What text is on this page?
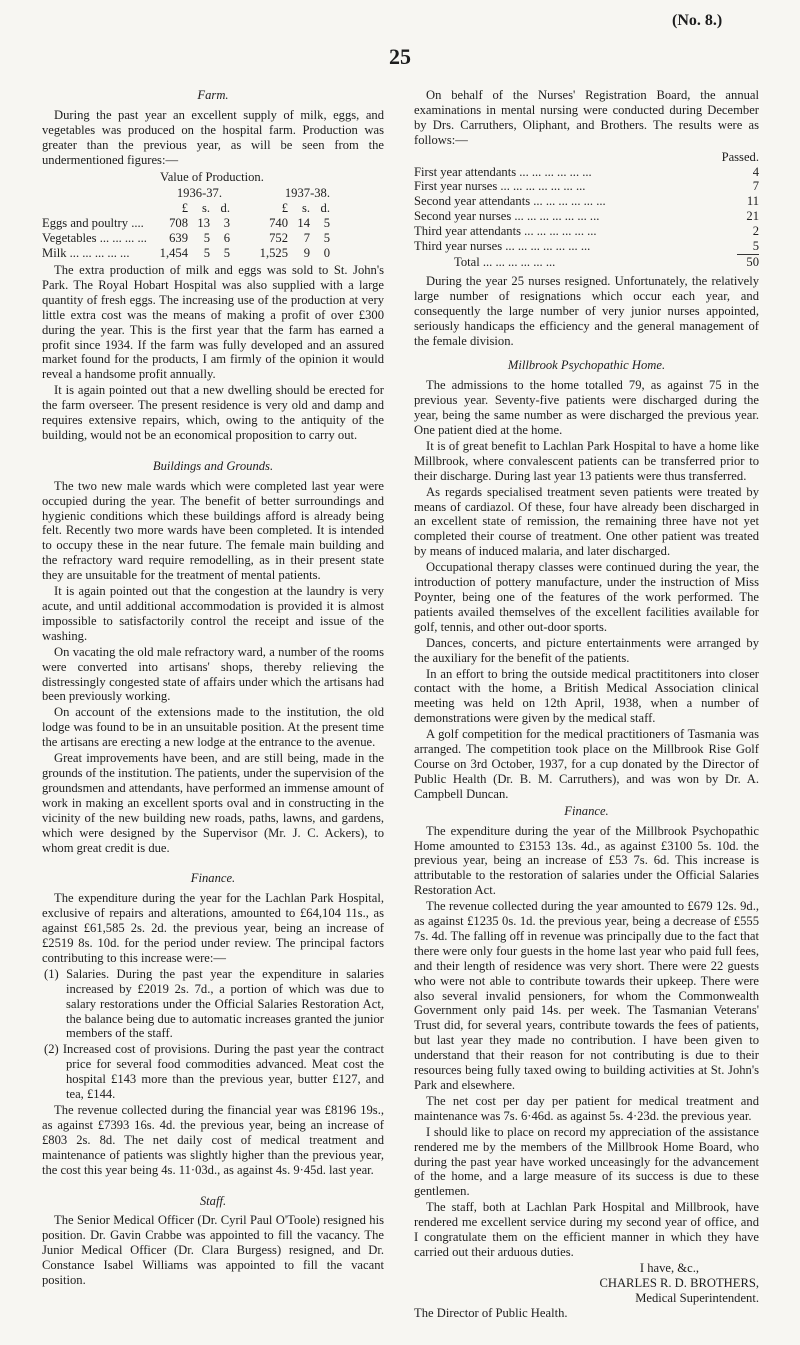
(No. 8.)
25
Farm.

During the past year an excellent supply of milk, eggs, and vegetables was produced on the hospital farm. Production was greater than the previous year, as will be seen from the undermentioned figures:—

Value of Production.
	1936-37.			1937-38.		
	£	s.	d.	£	s.	d.
Eggs and poultry ....	708	13	3	740	14	5
Vegetables ... ... ... ...	639	5	6	752	7	5
Milk ... ... ... ... ...	1,454	5	5	1,525	9	0

The extra production of milk and eggs was sold to St. John's Park. The Royal Hobart Hospital was also supplied with a large quantity of fresh eggs. The increasing use of the production at very little extra cost was the means of making a profit of over £300 during the year. This is the first year that the farm has earned a profit since 1934. If the farm was fully developed and an assured market found for the products, I am firmly of the opinion it would reveal a handsome profit annually.

It is again pointed out that a new dwelling should be erected for the farm overseer. The present residence is very old and damp and requires extensive repairs, which, owing to the antiquity of the building, would not be an economical proposition to carry out.

Buildings and Grounds.

The two new male wards which were completed last year were occupied during the year. The benefit of better surroundings and hygienic conditions which these buildings afford is already being felt. Recently two more wards have been completed. It is intended to occupy these in the near future. The female main building and the refractory ward require remodelling, as in their present state they are unsuitable for the treatment of mental patients.

It is again pointed out that the congestion at the laundry is very acute, and until additional accommodation is provided it is almost impossible to satisfactorily control the receipt and issue of the washing.

On vacating the old male refractory ward, a number of the rooms were converted into artisans' shops, thereby relieving the distressingly congested state of affairs under which the artisans had been previously working.

On account of the extensions made to the institution, the old lodge was found to be in an unsuitable position. At the present time the artisans are erecting a new lodge at the entrance to the avenue.

Great improvements have been, and are still being, made in the grounds of the institution. The patients, under the supervision of the groundsmen and attendants, have performed an immense amount of work in making an excellent sports oval and in constructing in the vicinity of the new building new roads, paths, lawns, and gardens, which were designed by the Supervisor (Mr. J. C. Ackers), to whom great credit is due.

Finance.

The expenditure during the year for the Lachlan Park Hospital, exclusive of repairs and alterations, amounted to £64,104 11s., as against £61,585 2s. 2d. the previous year, being an increase of £2519 8s. 10d. for the period under review. The principal factors contributing to this increase were:—

(1) Salaries. During the past year the expenditure in salaries increased by £2019 2s. 7d., a portion of which was due to salary restorations under the Official Salaries Restoration Act, the balance being due to automatic increases granted the junior members of the staff.
(2) Increased cost of provisions. During the past year the contract price for several food commodities advanced. Meat cost the hospital £143 more than the previous year, butter £127, and tea, £144.

The revenue collected during the financial year was £8196 19s., as against £7393 16s. 4d. the previous year, being an increase of £803 2s. 8d. The net daily cost of medical treatment and maintenance of patients was slightly higher than the previous year, the cost this year being 4s. 11·03d., as against 4s. 9·45d. last year.

Staff.

The Senior Medical Officer (Dr. Cyril Paul O'Toole) resigned his position. Dr. Gavin Crabbe was appointed to fill the vacancy. The Junior Medical Officer (Dr. Clara Burgess) resigned, and Dr. Constance Isabel Williams was appointed to fill the vacant position.

On behalf of the Nurses' Registration Board, the annual examinations in mental nursing were conducted during December by Drs. Carruthers, Oliphant, and Brothers. The results were as follows:—

	Passed.
First year attendants ... ... ... ... ... ...	4
First year nurses ... ... ... ... ... ... ...	7
Second year attendants ... ... ... ... ... ...	11
Second year nurses ... ... ... ... ... ... ...	21
Third year attendants ... ... ... ... ... ...	2
Third year nurses ... ... ... ... ... ... ...	5

Total ... ... ... ... ... ...	50

During the year 25 nurses resigned. Unfortunately, the relatively large number of resignations which occur each year, and consequently the large number of very junior nurses appointed, seriously handicaps the efficiency and the general management of the female division.

Millbrook Psychopathic Home.

The admissions to the home totalled 79, as against 75 in the previous year. Seventy-five patients were discharged during the year, being the same number as were discharged the previous year. One patient died at the home.

It is of great benefit to Lachlan Park Hospital to have a home like Millbrook, where convalescent patients can be transferred prior to their discharge. During last year 13 patients were thus transferred.

As regards specialised treatment seven patients were treated by means of cardiazol. Of these, four have already been discharged in an excellent state of remission, the remaining three have not yet completed their course of treatment. One other patient was treated by means of induced malaria, and later discharged.

Occupational therapy classes were continued during the year, the introduction of pottery manufacture, under the instruction of Miss Poynter, being one of the features of the work performed. The patients availed themselves of the excellent facilities available for golf, tennis, and other out-door sports.

Dances, concerts, and picture entertainments were arranged by the auxiliary for the benefit of the patients.

In an effort to bring the outside medical practititoners into closer contact with the home, a British Medical Association clinical meeting was held on 12th April, 1938, when a number of demonstrations were given by the medical staff.

A golf competition for the medical practitioners of Tasmania was arranged. The competition took place on the Millbrook Rise Golf Course on 3rd October, 1937, for a cup donated by the Director of Public Health (Dr. B. M. Carruthers), and was won by Dr. A. Campbell Duncan.

Finance.

The expenditure during the year of the Millbrook Psychopathic Home amounted to £3153 13s. 4d., as against £3100 5s. 10d. the previous year, being an increase of £53 7s. 6d. This increase is attributable to the restoration of salaries under the Official Salaries Restoration Act.

The revenue collected during the year amounted to £679 12s. 9d., as against £1235 0s. 1d. the previous year, being a decrease of £555 7s. 4d. The falling off in revenue was principally due to the fact that there were only four guests in the home last year who paid full fees, and their length of residence was very short. There were 22 guests who were not able to contribute towards their upkeep. There were also several invalid pensioners, for whom the Commonwealth Government only paid 14s. per week. The Tasmanian Veterans' Trust did, for several years, contribute towards the fees of patients, but last year they made no contribution. I have been given to understand that their reason for not contributing is due to their resources being fully taxed owing to building activities at St. John's Park and elsewhere.

The net cost per day per patient for medical treatment and maintenance was 7s. 6·46d. as against 5s. 4·23d. the previous year.

I should like to place on record my appreciation of the assistance rendered me by the members of the Millbrook Home Board, who during the past year have worked unceasingly for the advancement of the home, and a large measure of its success is due to these gentlemen.

The staff, both at Lachlan Park Hospital and Millbrook, have rendered me excellent service during my second year of office, and I congratulate them on the efficient manner in which they have carried out their arduous duties.

I have, &c.,
CHARLES R. D. BROTHERS,
Medical Superintendent.

The Director of Public Health.
